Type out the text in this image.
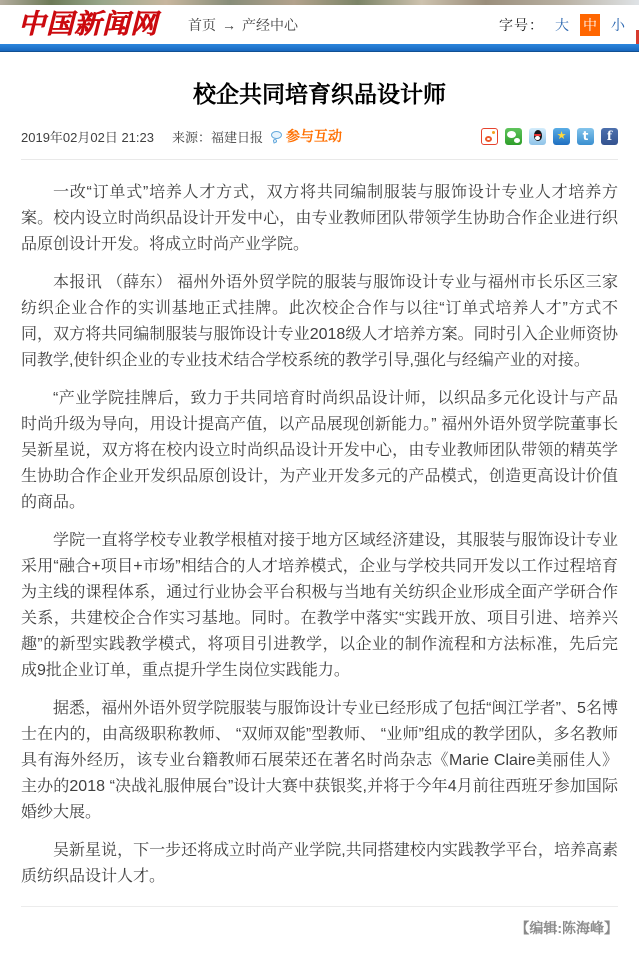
中国新闻网 首页 → 产经中心	字号： 大 中 小
校企共同培育织品设计师
2019年02月02日 21:23 来源：福建日报 参与互动	★	t	f

一改“订单式”培养人才方式，双方将共同编制服装与服饰设计专业人才培养方案。校内设立时尚织品设计开发中心，由专业教师团队带领学生协助合作企业进行织品原创设计开发。将成立时尚产业学院。

本报讯 （薛东） 福州外语外贸学院的服装与服饰设计专业与福州市长乐区三家纺织企业合作的实训基地正式挂牌。此次校企合作与以往“订单式培养人才”方式不同，双方将共同编制服装与服饰设计专业2018级人才培养方案。同时引入企业师资协同教学,使针织企业的专业技术结合学校系统的教学引导,强化与经编产业的对接。

“产业学院挂牌后，致力于共同培育时尚织品设计师，以织品多元化设计与产品时尚升级为导向，用设计提高产值，以产品展现创新能力。” 福州外语外贸学院董事长吴新星说，双方将在校内设立时尚织品设计开发中心，由专业教师团队带领的精英学生协助合作企业开发织品原创设计，为产业开发多元的产品模式，创造更高设计价值的商品。

学院一直将学校专业教学根植对接于地方区域经济建设，其服装与服饰设计专业采用“融合+项目+市场”相结合的人才培养模式，企业与学校共同开发以工作过程培育为主线的课程体系，通过行业协会平台积极与当地有关纺织企业形成全面产学研合作关系，共建校企合作实习基地。同时。在教学中落实“实践开放、项目引进、培养兴趣”的新型实践教学模式，将项目引进教学，以企业的制作流程和方法标准，先后完成9批企业订单，重点提升学生岗位实践能力。

据悉，福州外语外贸学院服装与服饰设计专业已经形成了包括“闽江学者”、5名博士在内的，由高级职称教师、 “双师双能”型教师、 “业师”组成的教学团队，多名教师具有海外经历，该专业台籍教师石展荣还在著名时尚杂志《Marie Claire美丽佳人》主办的2018 “决战礼服伸展台”设计大赛中获银奖,并将于今年4月前往西班牙参加国际婚纱大展。

吴新星说，下一步还将成立时尚产业学院,共同搭建校内实践教学平台，培养高素质纺织品设计人才。

【编辑:陈海峰】
